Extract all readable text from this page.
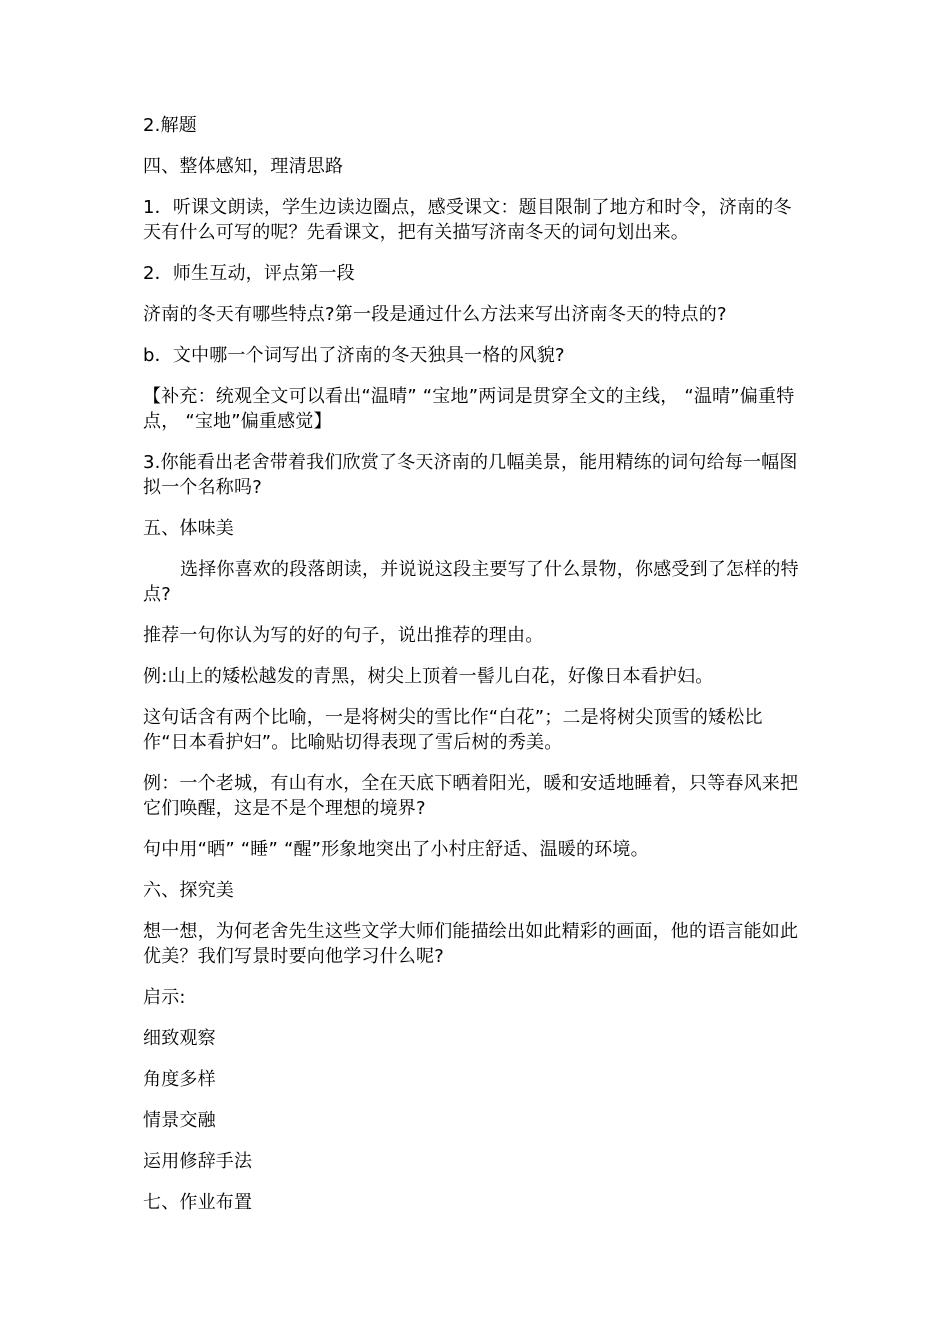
2.解题

四、整体感知，理清思路

1．听课文朗读，学生边读边圈点，感受课文：题目限制了地方和时令，济南的冬天有什么可写的呢？先看课文，把有关描写济南冬天的词句划出来。

2．师生互动，评点第一段

济南的冬天有哪些特点?第一段是通过什么方法来写出济南冬天的特点的?

b．文中哪一个词写出了济南的冬天独具一格的风貌?

【补充：统观全文可以看出“温晴” “宝地”两词是贯穿全文的主线， “温晴”偏重特点， “宝地”偏重感觉】

3.你能看出老舍带着我们欣赏了冬天济南的几幅美景，能用精练的词句给每一幅图拟一个名称吗?

五、体味美

选择你喜欢的段落朗读，并说说这段主要写了什么景物，你感受到了怎样的特点?

推荐一句你认为写的好的句子，说出推荐的理由。

例:山上的矮松越发的青黑，树尖上顶着一髻儿白花，好像日本看护妇。

这句话含有两个比喻，一是将树尖的雪比作“白花”；二是将树尖顶雪的矮松比作“日本看护妇”。比喻贴切得表现了雪后树的秀美。

例：一个老城，有山有水，全在天底下晒着阳光，暖和安适地睡着，只等春风来把它们唤醒，这是不是个理想的境界?

句中用“晒” “睡” “醒”形象地突出了小村庄舒适、温暖的环境。

六、探究美

想一想，为何老舍先生这些文学大师们能描绘出如此精彩的画面，他的语言能如此优美？我们写景时要向他学习什么呢?

启示:

细致观察

角度多样

情景交融

运用修辞手法

七、作业布置
